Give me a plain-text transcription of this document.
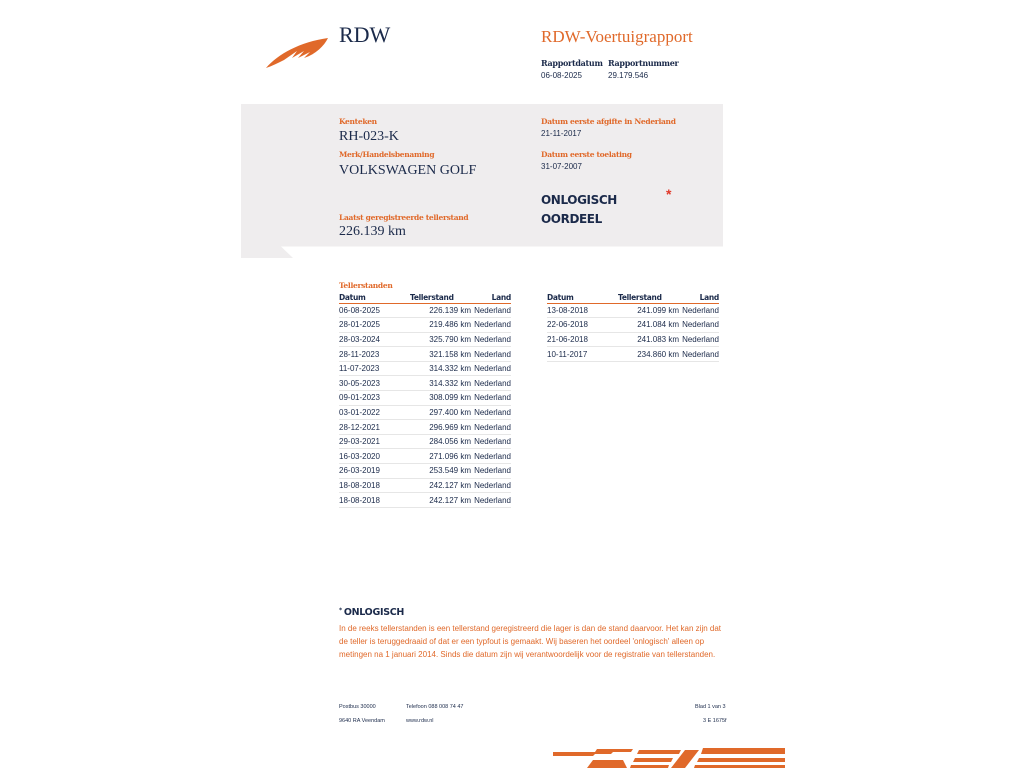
RDW	RDW-Voertuigrapport
Rapportdatum Rapportnummer
06-08-2025	29.179.546
Kenteken
RH-023-K
Merk/Handelsbenaming
VOLKSWAGEN GOLF
Laatst geregistreerde tellerstand
226.139 km
Datum eerste afgifte in Nederland
21-11-2017
Datum eerste toelating
31-07-2007
ONLOGISCH
OORDEEL
*
Tellerstanden
Datum	Tellerstand	Land
06-08-2025	226.139 km	Nederland
28-01-2025	219.486 km	Nederland
28-03-2024	325.790 km	Nederland
28-11-2023	321.158 km	Nederland
11-07-2023	314.332 km	Nederland
30-05-2023	314.332 km	Nederland
09-01-2023	308.099 km	Nederland
03-01-2022	297.400 km	Nederland
28-12-2021	296.969 km	Nederland
29-03-2021	284.056 km	Nederland
16-03-2020	271.096 km	Nederland
26-03-2019	253.549 km	Nederland
18-08-2018	242.127 km	Nederland
18-08-2018	242.127 km	Nederland
Datum	Tellerstand	Land
13-08-2018	241.099 km	Nederland
22-06-2018	241.084 km	Nederland
21-06-2018	241.083 km	Nederland
10-11-2017	234.860 km	Nederland
* ONLOGISCH
In de reeks tellerstanden is een tellerstand geregistreerd die lager is dan de stand daarvoor. Het kan zijn dat de teller is teruggedraaid of dat er een typfout is gemaakt. Wij baseren het oordeel 'onlogisch' alleen op metingen na 1 januari 2014. Sinds die datum zijn wij verantwoordelijk voor de registratie van tellerstanden.
Postbus 30000
9640 RA Veendam
Telefoon 088 008 74 47
www.rdw.nl
Blad 1 van 3
3 E 1675f
